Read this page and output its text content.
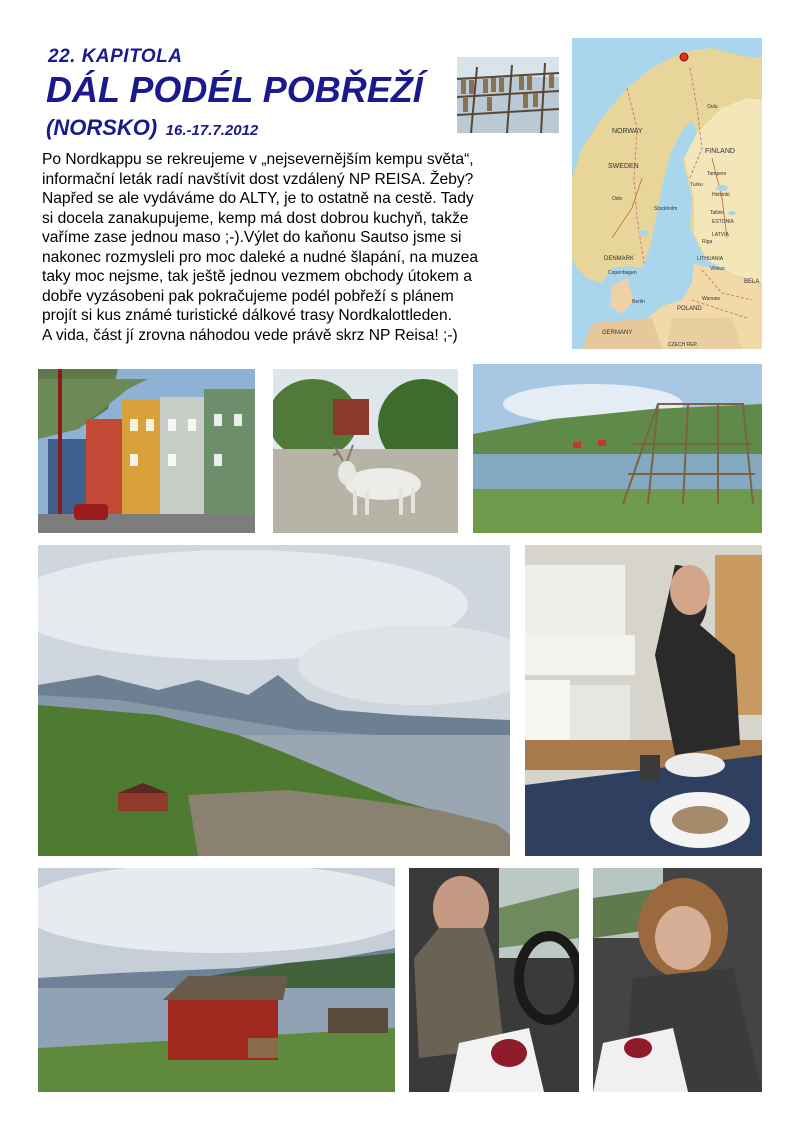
22. KAPITOLA
DÁL PODÉL POBŘEŽÍ
(NORSKO) 16.-17.7.2012
Po Nordkappu se rekreujeme v „nejsevernějším kempu světa“,
informační leták radí navštívit dost vzdálený NP REISA. Žeby?
Napřed se ale vydáváme do ALTY, je to ostatně na cestě. Tady
si docela zanakupujeme, kemp má dost dobrou kuchyň, takže
vaříme zase jednou maso ;-).Výlet do kaňonu Sautso jsme si
nakonec rozmysleli pro moc daleké a nudné šlapání, na muzea
taky moc nejsme, tak ještě jednou vezmem obchody útokem a
dobře vyzásobeni pak pokračujeme podél pobřeží s plánem
projít si kus známé turistické dálkové trasy Nordkalottleden.
A vida, část jí zrovna náhodou vede právě skrz NP Reisa! ;-)
NORWAY
SWEDEN
FINLAND
Oslo
Stockholm
Helsinki
Tampere
Turku
Oulu
Tallinn
ESTONIA
LATVIA
Riga
LITHUANIA
Vilnius
BELA
DENMARK
Copenhagen
POLAND
Warsaw
Berlin
GERMANY
CZECH REP.
